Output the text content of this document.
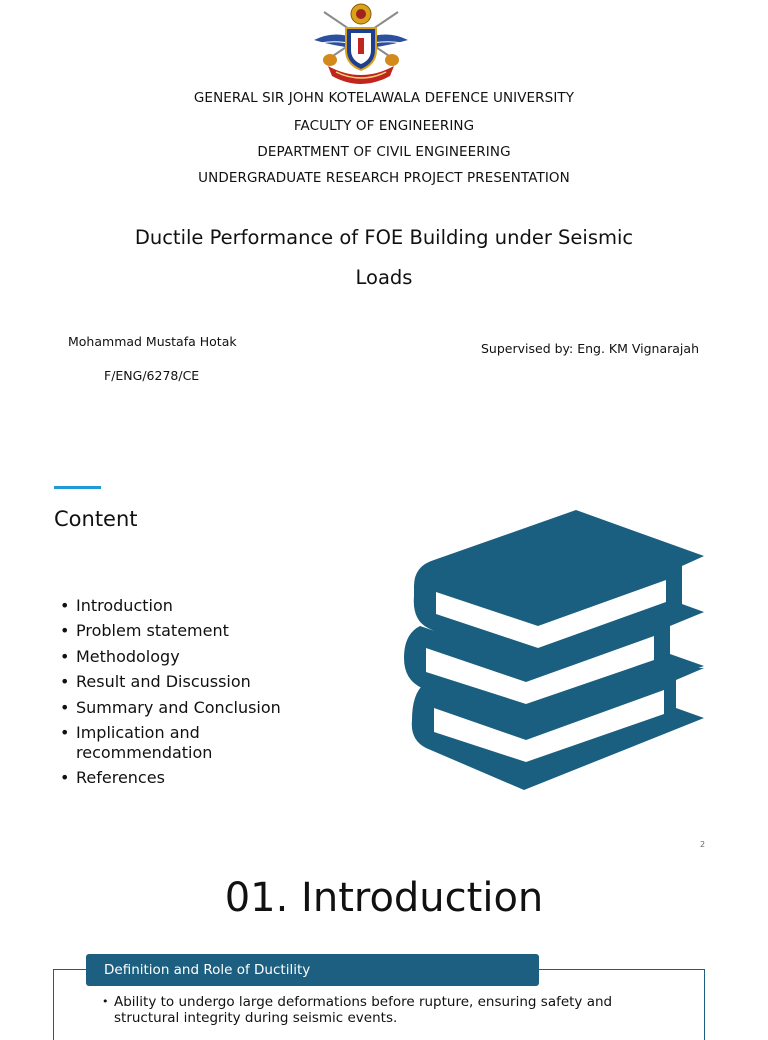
GENERAL SIR JOHN KOTELAWALA DEFENCE UNIVERSITY
FACULTY OF ENGINEERING
DEPARTMENT OF CIVIL ENGINEERING
UNDERGRADUATE RESEARCH PROJECT PRESENTATION
Ductile Performance of FOE Building under Seismic
Loads
Mohammad Mustafa Hotak
F/ENG/6278/CE
Supervised by: Eng. KM Vignarajah
Content
• Introduction
• Problem statement
• Methodology
• Result and Discussion
• Summary and Conclusion
• Implication and recommendation
• References
2
01. Introduction
Definition and Role of Ductility
• Ability to undergo large deformations before rupture, ensuring safety and structural integrity during seismic events.
